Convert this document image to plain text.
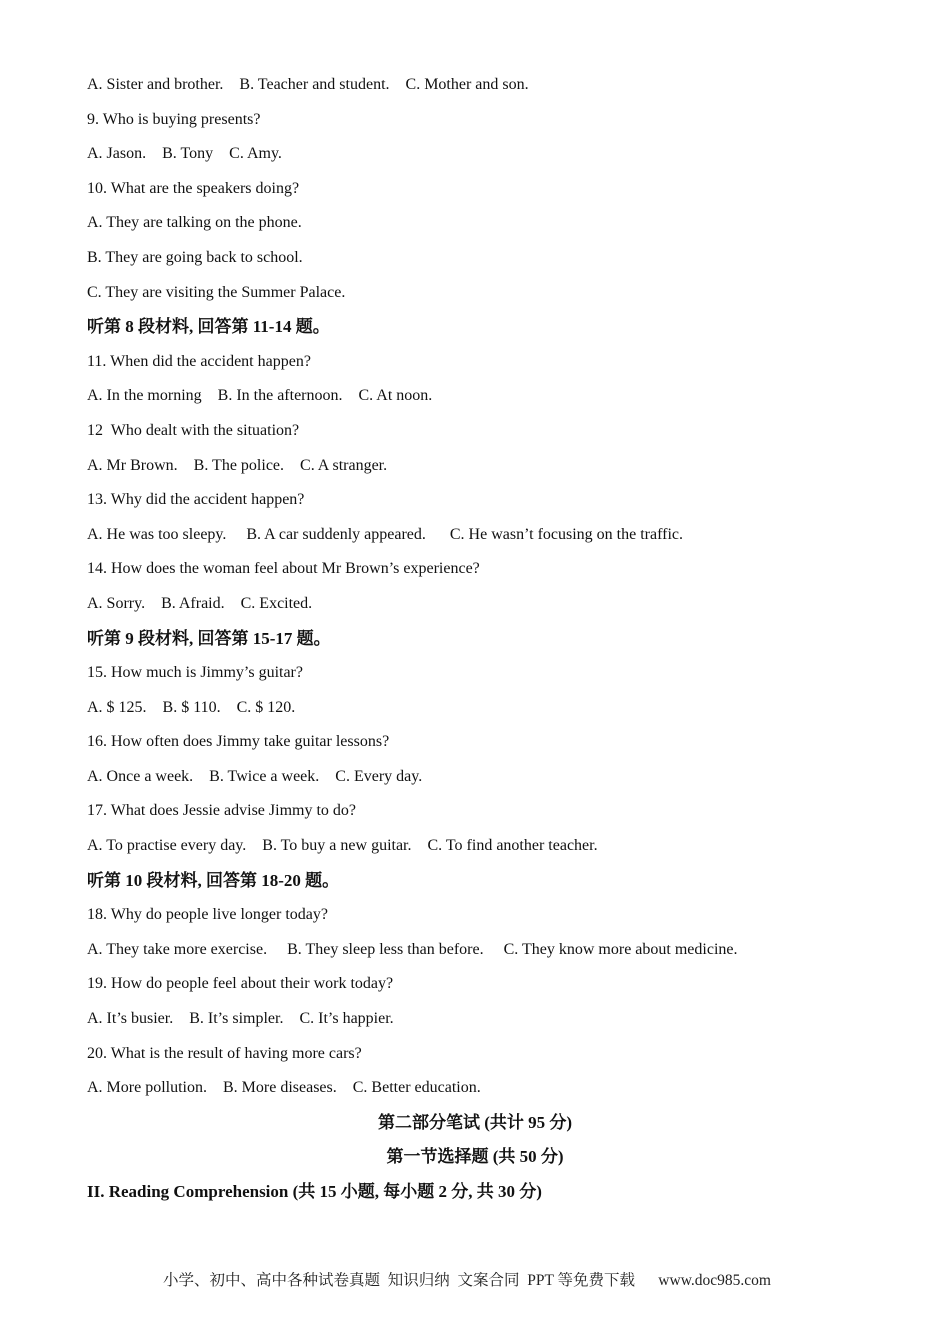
A. Sister and brother.    B. Teacher and student.    C. Mother and son.
9. Who is buying presents?
A. Jason.    B. Tony    C. Amy.
10. What are the speakers doing?
A. They are talking on the phone.
B. They are going back to school.
C. They are visiting the Summer Palace.
听第 8 段材料, 回答第 11-14 题。
11. When did the accident happen?
A. In the morning    B. In the afternoon.    C. At noon.
12  Who dealt with the situation?
A. Mr Brown.    B. The police.    C. A stranger.
13. Why did the accident happen?
A. He was too sleepy.     B. A car suddenly appeared.      C. He wasn’t focusing on the traffic.
14. How does the woman feel about Mr Brown’s experience?
A. Sorry.    B. Afraid.    C. Excited.
听第 9 段材料, 回答第 15-17 题。
15. How much is Jimmy’s guitar?
A. $ 125.    B. $ 110.    C. $ 120.
16. How often does Jimmy take guitar lessons?
A. Once a week.    B. Twice a week.    C. Every day.
17. What does Jessie advise Jimmy to do?
A. To practise every day.    B. To buy a new guitar.    C. To find another teacher.
听第 10 段材料, 回答第 18-20 题。
18. Why do people live longer today?
A. They take more exercise.     B. They sleep less than before.     C. They know more about medicine.
19. How do people feel about their work today?
A. It’s busier.    B. It’s simpler.    C. It’s happier.
20. What is the result of having more cars?
A. More pollution.    B. More diseases.    C. Better education.
第二部分笔试 (共计 95 分)
第一节选择题 (共 50 分)
II. Reading Comprehension (共 15 小题, 每小题 2 分, 共 30 分)
小学、初中、高中各种试卷真题  知识归纳  文案合同  PPT 等免费下载      www.doc985.com
